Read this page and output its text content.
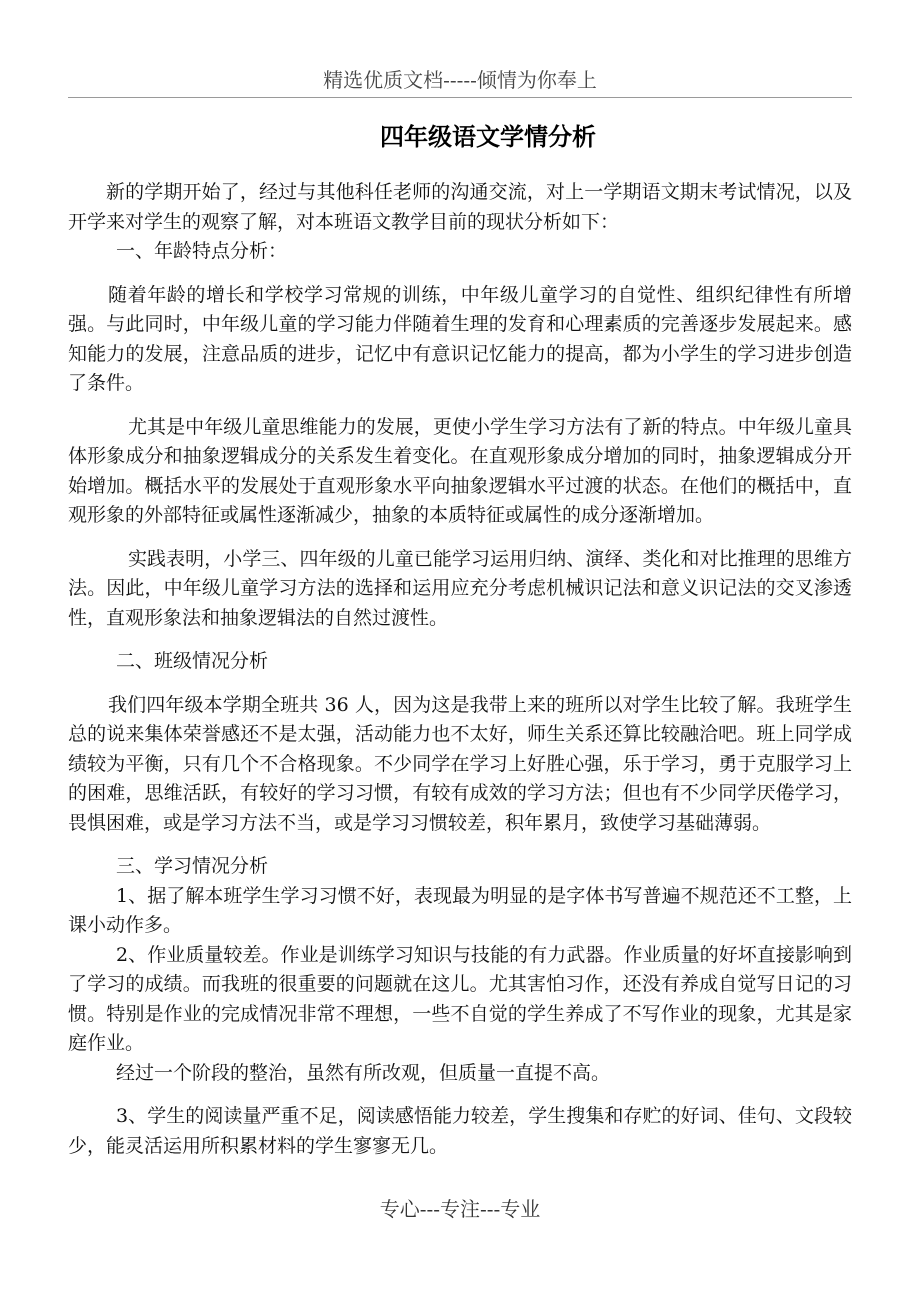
精选优质文档-----倾情为你奉上
四年级语文学情分析

新的学期开始了，经过与其他科任老师的沟通交流，对上一学期语文期末考试情况，以及开学来对学生的观察了解，对本班语文教学目前的现状分析如下：

一、年龄特点分析：

随着年龄的增长和学校学习常规的训练，中年级儿童学习的自觉性、组织纪律性有所增强。与此同时，中年级儿童的学习能力伴随着生理的发育和心理素质的完善逐步发展起来。感知能力的发展，注意品质的进步，记忆中有意识记忆能力的提高，都为小学生的学习进步创造了条件。

尤其是中年级儿童思维能力的发展，更使小学生学习方法有了新的特点。中年级儿童具体形象成分和抽象逻辑成分的关系发生着变化。在直观形象成分增加的同时，抽象逻辑成分开始增加。概括水平的发展处于直观形象水平向抽象逻辑水平过渡的状态。在他们的概括中，直观形象的外部特征或属性逐渐减少，抽象的本质特征或属性的成分逐渐增加。

实践表明，小学三、四年级的儿童已能学习运用归纳、演绎、类化和对比推理的思维方法。因此，中年级儿童学习方法的选择和运用应充分考虑机械识记法和意义识记法的交叉渗透性，直观形象法和抽象逻辑法的自然过渡性。

二、班级情况分析

我们四年级本学期全班共 36 人，因为这是我带上来的班所以对学生比较了解。我班学生总的说来集体荣誉感还不是太强，活动能力也不太好，师生关系还算比较融洽吧。班上同学成绩较为平衡，只有几个不合格现象。不少同学在学习上好胜心强，乐于学习，勇于克服学习上的困难，思维活跃，有较好的学习习惯，有较有成效的学习方法；但也有不少同学厌倦学习，畏惧困难，或是学习方法不当，或是学习习惯较差，积年累月，致使学习基础薄弱。

三、学习情况分析

1、据了解本班学生学习习惯不好，表现最为明显的是字体书写普遍不规范还不工整，上课小动作多。

2、作业质量较差。作业是训练学习知识与技能的有力武器。作业质量的好坏直接影响到了学习的成绩。而我班的很重要的问题就在这儿。尤其害怕习作，还没有养成自觉写日记的习惯。特别是作业的完成情况非常不理想，一些不自觉的学生养成了不写作业的现象，尤其是家庭作业。

经过一个阶段的整治，虽然有所改观，但质量一直提不高。

3、学生的阅读量严重不足，阅读感悟能力较差，学生搜集和存贮的好词、佳句、文段较少，能灵活运用所积累材料的学生寥寥无几。

专心---专注---专业
